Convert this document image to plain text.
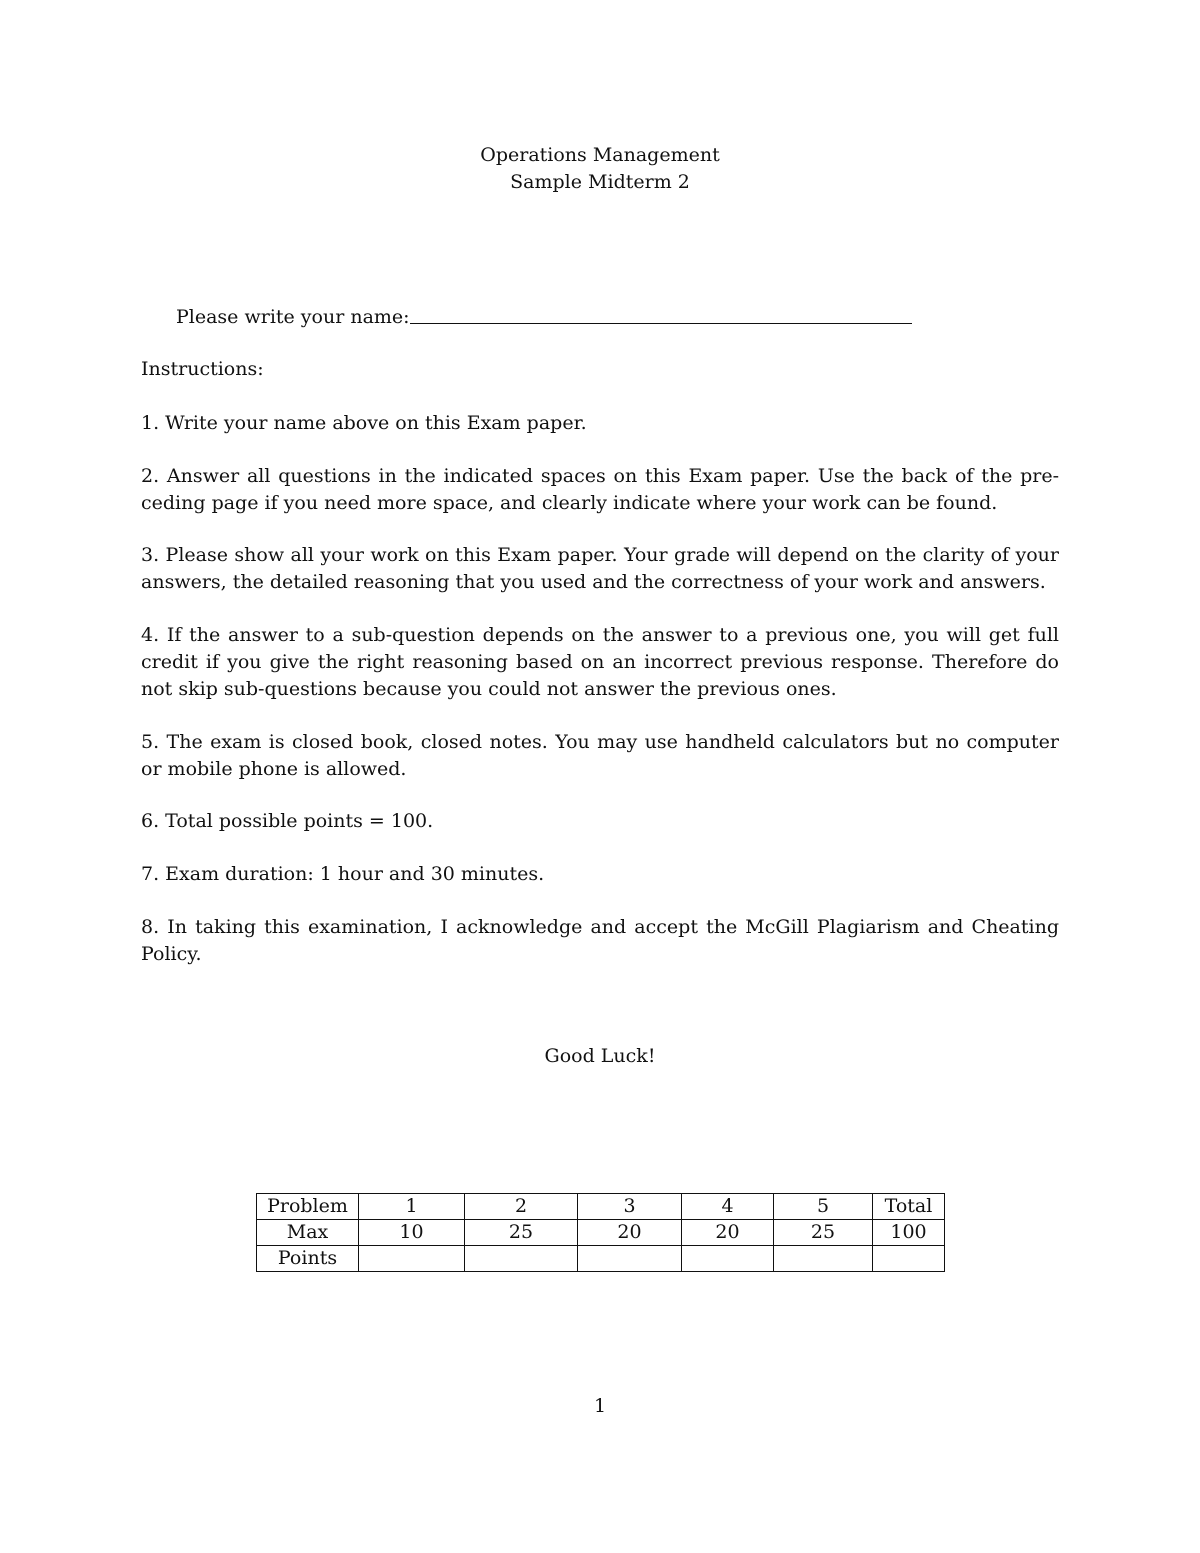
Operations Management
Sample Midterm 2
Please write your name:
Instructions:

1. Write your name above on this Exam paper.

2. Answer all questions in the indicated spaces on this Exam paper. Use the back of the pre-ceding page if you need more space, and clearly indicate where your work can be found.

3. Please show all your work on this Exam paper. Your grade will depend on the clarity of your answers, the detailed reasoning that you used and the correctness of your work and answers.

4. If the answer to a sub-question depends on the answer to a previous one, you will get full credit if you give the right reasoning based on an incorrect previous response. Therefore do not skip sub-questions because you could not answer the previous ones.

5. The exam is closed book, closed notes. You may use handheld calculators but no computer or mobile phone is allowed.

6. Total possible points = 100.

7. Exam duration: 1 hour and 30 minutes.

8. In taking this examination, I acknowledge and accept the McGill Plagiarism and Cheating Policy.

Good Luck!
Problem	1	2	3	4	5	Total
Max	10	25	20	20	25	100
Points						
1
